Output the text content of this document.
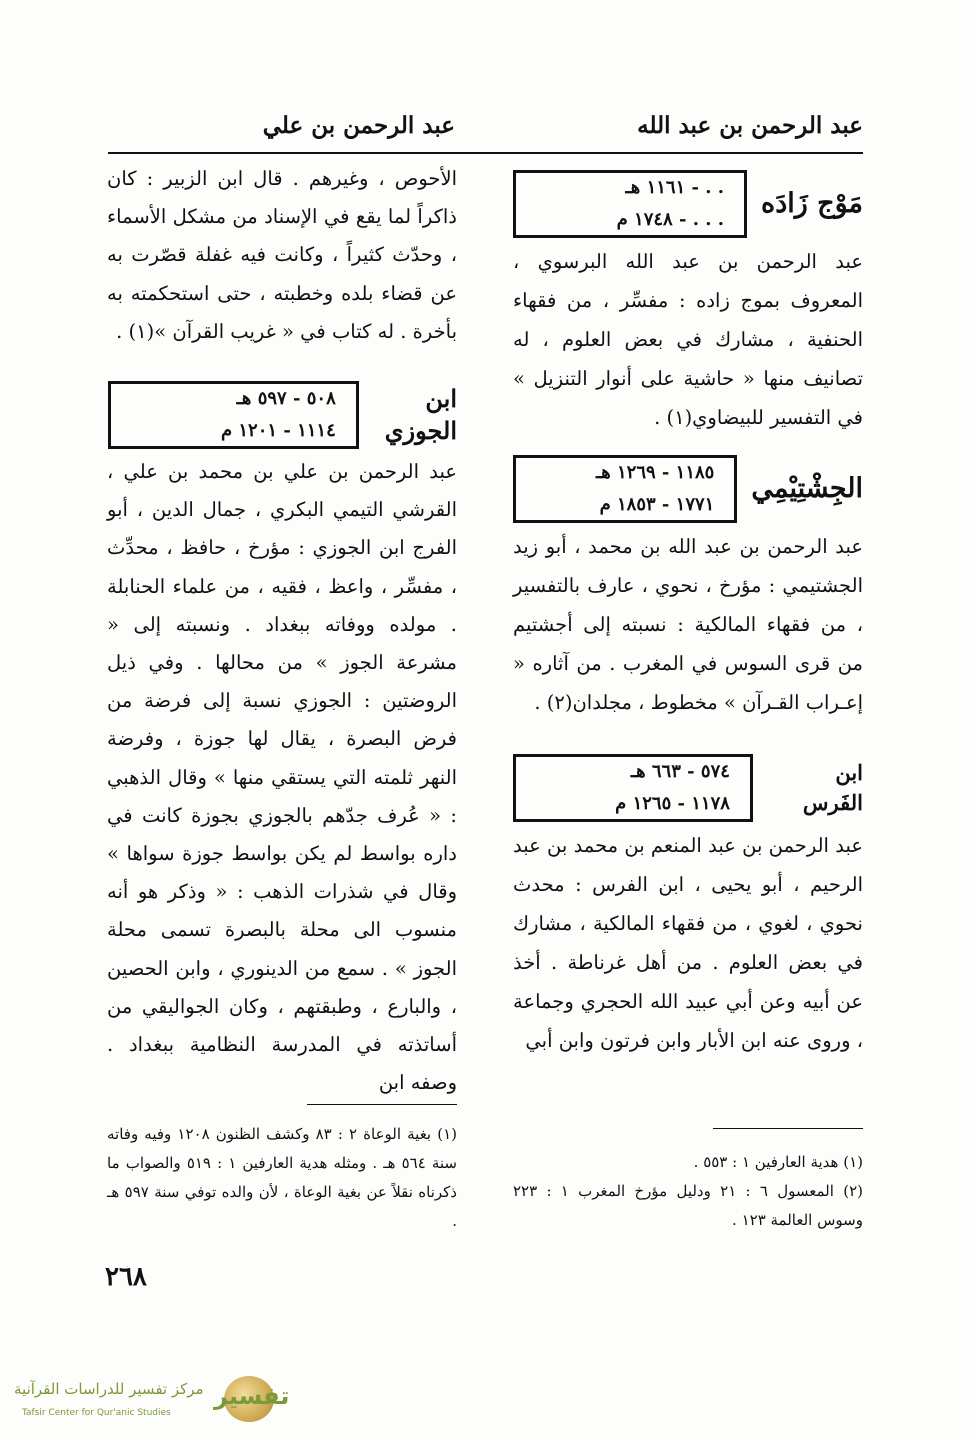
عبد الرحمن بن عبد الله
عبد الرحمن بن علي
مَوْج زَادَه
. . - ١١٦١ هـ
. . . - ١٧٤٨ م

عبد الرحمن بن عبد الله البرسوي ، المعروف بموج زاده : مفسِّر ، من فقهاء الحنفية ، مشارك في بعض العلوم ، له تصانيف منها « حاشية على أنوار التنزيل » في التفسير للبيضاوي(١) .

الجِشْتِيْمِي
١١٨٥ - ١٢٦٩ هـ
١٧٧١ - ١٨٥٣ م

عبد الرحمن بن عبد الله بن محمد ، أبو زيد الجشتيمي : مؤرخ ، نحوي ، عارف بالتفسير ، من فقهاء المالكية : نسبته إلى أجشتيم من قرى السوس في المغرب . من آثاره « إعـراب القـرآن » مخطوط ، مجلدان(٢) .

ابن
الفَرس
٥٧٤ - ٦٦٣ هـ
١١٧٨ - ١٢٦٥ م

عبد الرحمن بن عبد المنعم بن محمد بن عبد الرحيم ، أبو يحيى ، ابن الفرس : محدث نحوي ، لغوي ، من فقهاء المالكية ، مشارك في بعض العلوم . من أهل غرناطة . أخذ عن أبيه وعن أبي عبيد الله الحجري وجماعة ، وروى عنه ابن الأبار وابن فرتون وابن أبي

(١) هدية العارفين ١ : ٥٥٣ .

(٢) المعسول ٦ : ٢١ ودليل مؤرخ المغرب ١ : ٢٢٣ وسوس العالمة ١٢٣ .

الأحوص ، وغيرهم . قال ابن الزبير : كان ذاكراً لما يقع في الإسناد من مشكل الأسماء ، وحدّث كثيراً ، وكانت فيه غفلة قصّرت به عن قضاء بلده وخطبته ، حتى استحكمته به بأخرة . له كتاب في « غريب القرآن »(١) .

ابن
الجوزي
٥٠٨ - ٥٩٧ هـ
١١١٤ - ١٢٠١ م

عبد الرحمن بن علي بن محمد بن علي ، القرشي التيمي البكري ، جمال الدين ، أبو الفرج ابن الجوزي : مؤرخ ، حافظ ، محدِّث ، مفسِّر ، واعظ ، فقيه ، من علماء الحنابلة . مولده ووفاته ببغداد . ونسبته إلى « مشرعة الجوز » من محالها . وفي ذيل الروضتين : الجوزي نسبة إلى فرضة من فرض البصرة ، يقال لها جوزة ، وفرضة النهر ثلمته التي يستقي منها » وقال الذهبي : « عُرف جدّهم بالجوزي بجوزة كانت في داره بواسط لم يكن بواسط جوزة سواها » وقال في شذرات الذهب : « وذكر هو أنه منسوب الى محلة بالبصرة تسمى محلة الجوز » . سمع من الدينوري ، وابن الحصين ، والبارع ، وطبقتهم ، وكان الجواليقي من أساتذته في المدرسة النظامية ببغداد . وصفه ابن

(١) بغية الوعاة ٢ : ٨٣ وكشف الظنون ١٢٠٨ وفيه وفاته سنة ٥٦٤ هـ . ومثله هدية العارفين ١ : ٥١٩ والصواب ما ذكرناه نقلاً عن بغية الوعاة ، لأن والده توفي سنة ٥٩٧ هـ .

٢٦٨
تفسير
مركز تفسير للدراسات القرآنية
Tafsir Center for Qur'anic Studies
